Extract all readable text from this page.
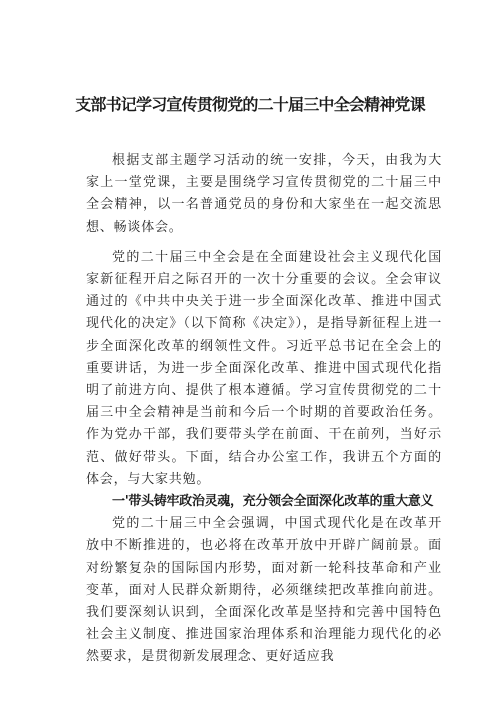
支部书记学习宣传贯彻党的二十届三中全会精神党课

根据支部主题学习活动的统一安排，今天，由我为大家上一堂党课，主要是围绕学习宣传贯彻党的二十届三中全会精神，以一名普通党员的身份和大家坐在一起交流思想、畅谈体会。

党的二十届三中全会是在全面建设社会主义现代化国家新征程开启之际召开的一次十分重要的会议。全会审议通过的《中共中央关于进一步全面深化改革、推进中国式现代化的决定》（以下简称《决定》），是指导新征程上进一步全面深化改革的纲领性文件。习近平总书记在全会上的重要讲话，为进一步全面深化改革、推进中国式现代化指明了前进方向、提供了根本遵循。学习宣传贯彻党的二十届三中全会精神是当前和今后一个时期的首要政治任务。作为党办干部，我们要带头学在前面、干在前列，当好示范、做好带头。下面，结合办公室工作，我讲五个方面的体会，与大家共勉。

一'带头铸牢政治灵魂，充分领会全面深化改革的重大意义

党的二十届三中全会强调，中国式现代化是在改革开放中不断推进的，也必将在改革开放中开辟广阔前景。面对纷繁复杂的国际国内形势，面对新一轮科技革命和产业变革，面对人民群众新期待，必须继续把改革推向前进。我们要深刻认识到，全面深化改革是坚持和完善中国特色社会主义制度、推进国家治理体系和治理能力现代化的必然要求，是贯彻新发展理念、更好适应我
